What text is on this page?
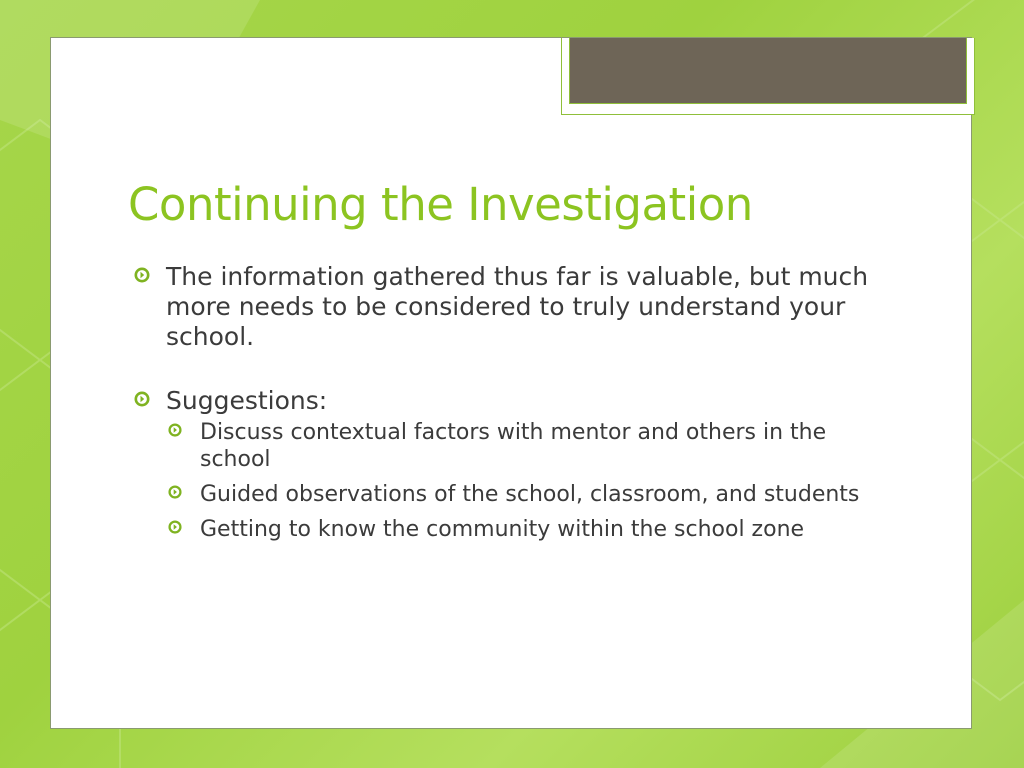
Continuing the Investigation
The information gathered thus far is valuable, but much more needs to be considered to truly understand your school.
Suggestions:
Discuss contextual factors with mentor and others in the school
Guided observations of the school, classroom, and students
Getting to know the community within the school zone
